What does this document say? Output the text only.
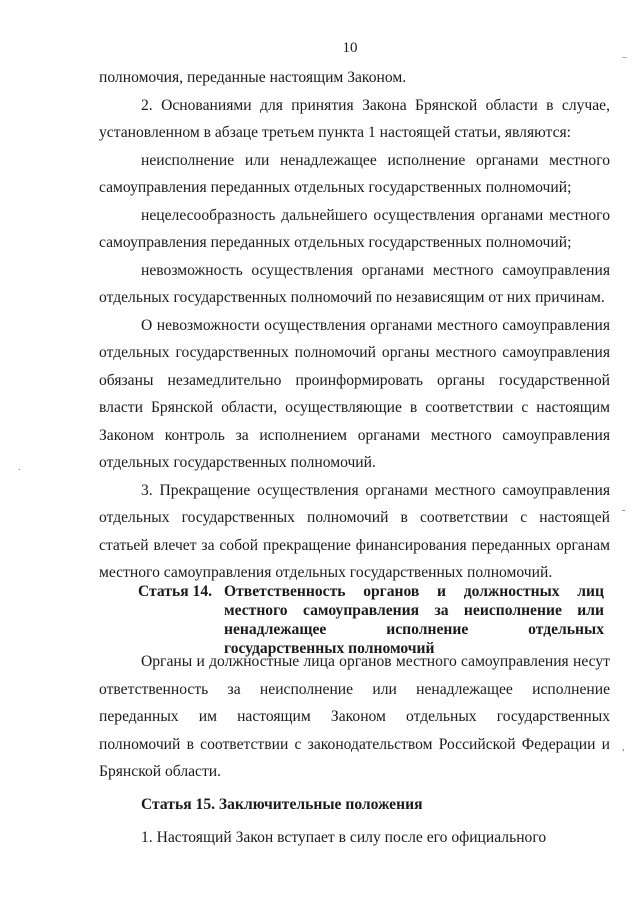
10

полномочия, переданные настоящим Законом.

2. Основаниями для принятия Закона Брянской области в случае, установленном в абзаце третьем пункта 1 настоящей статьи, являются:

неисполнение или ненадлежащее исполнение органами местного самоуправления переданных отдельных государственных полномочий;

нецелесообразность дальнейшего осуществления органами местного самоуправления переданных отдельных государственных полномочий;

невозможность осуществления органами местного самоуправления отдельных государственных полномочий по независящим от них причинам.

О невозможности осуществления органами местного самоуправления отдельных государственных полномочий органы местного самоуправления обязаны незамедлительно проинформировать органы государственной власти Брянской области, осуществляющие в соответствии с настоящим Законом контроль за исполнением органами местного самоуправления отдельных государственных полномочий.

3. Прекращение осуществления органами местного самоуправления отдельных государственных полномочий в соответствии с настоящей статьей влечет за собой прекращение финансирования переданных органам местного самоуправления отдельных государственных полномочий.

Статья 14. Ответственность органов и должностных лиц местного самоуправления за неисполнение или ненадлежащее исполнение отдельных государственных полномочий

Органы и должностные лица органов местного самоуправления несут ответственность за неисполнение или ненадлежащее исполнение переданных им настоящим Законом отдельных государственных полномочий в соответствии с законодательством Российской Федерации и Брянской области.

Статья 15. Заключительные положения

1. Настоящий Закон вступает в силу после его официального

_
-
,
.
